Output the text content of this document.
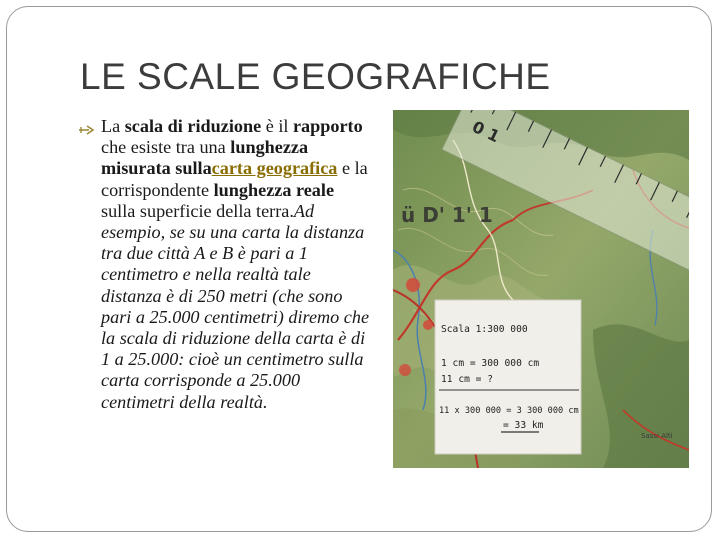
LE SCALE GEOGRAFICHE
La scala di riduzione è il rapporto che esiste tra una lunghezza misurata sullacarta geografica e la corrispondente lunghezza reale sulla superficie della terra.Ad esempio, se su una carta la distanza tra due città A e B è pari a 1 centimetro e nella realtà tale distanza è di 250 metri (che sono pari a 25.000 centimetri) diremo che la scala di riduzione della carta è di 1 a 25.000: cioè un centimetro sulla carta corrisponde a 25.000 centimetri della realtà.
0 1
ü D' 1' 1
Scala 1:300 000
1 cm = 300 000 cm
11 cm = ?
11 x 300 000 = 3 300 000 cm
= 33 km
Sassi Alti
